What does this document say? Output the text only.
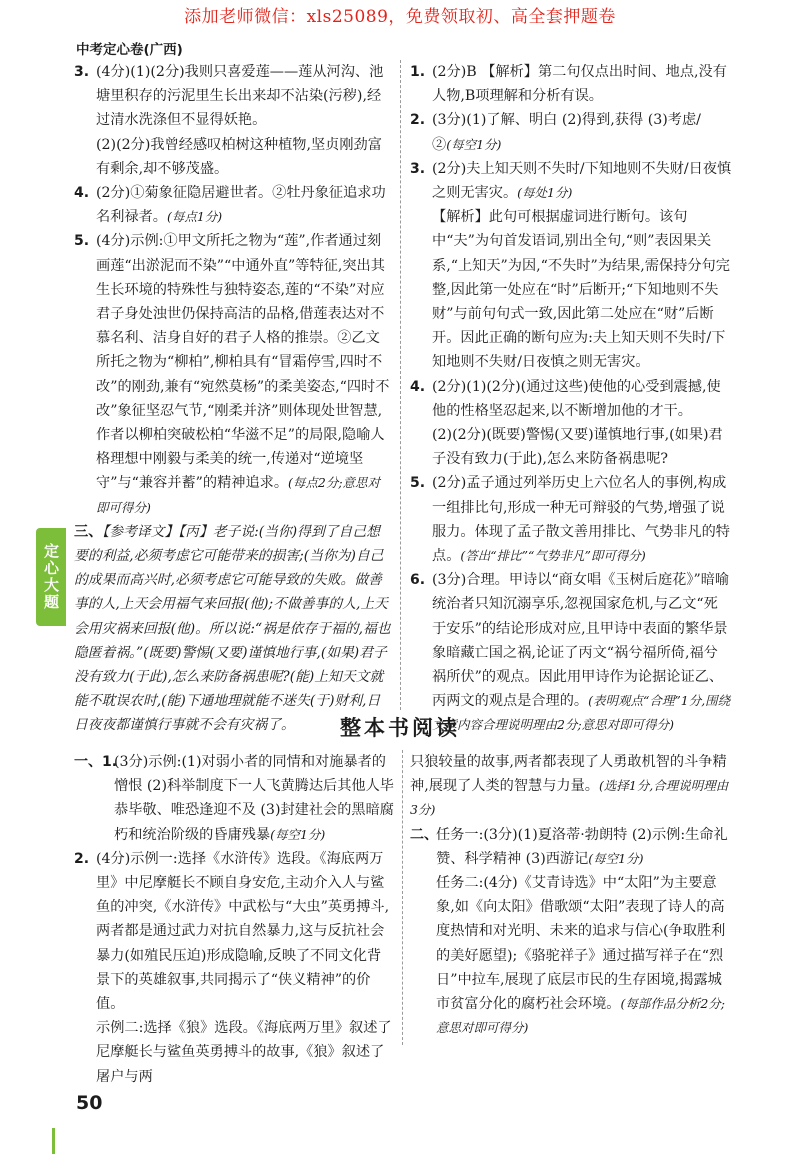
添加老师微信：xls25089，免费领取初、高全套押题卷
中考定心卷(广西)
定心大题
3. (4分)(1)(2分)我则只喜爱莲——莲从河沟、池塘里积存的污泥里生长出来却不沾染(污秽),经过清水洗涤但不显得妖艳。

(2)(2分)我曾经感叹柏树这种植物,坚贞刚劲富有剩余,却不够茂盛。

4. (2分)①菊象征隐居避世者。②牡丹象征追求功名利禄者。(每点1分)

5. (4分)示例:①甲文所托之物为“莲”,作者通过刻画莲“出淤泥而不染”“中通外直”等特征,突出其生长环境的特殊性与独特姿态,莲的“不染”对应君子身处浊世仍保持高洁的品格,借莲表达对不慕名利、洁身自好的君子人格的推崇。②乙文所托之物为“柳柏”,柳柏具有“冒霜停雪,四时不改”的刚劲,兼有“宛然莫杨”的柔美姿态,“四时不改”象征坚忍气节,“刚柔并济”则体现处世智慧,作者以柳柏突破松柏“华滋不足”的局限,隐喻人格理想中刚毅与柔美的统一,传递对“逆境坚守”与“兼容并蓄”的精神追求。(每点2分;意思对即可得分)

三、【参考译文】【丙】老子说:(当你)得到了自己想要的利益,必须考虑它可能带来的损害;(当你为)自己的成果而高兴时,必须考虑它可能导致的失败。做善事的人,上天会用福气来回报(他);不做善事的人,上天会用灾祸来回报(他)。所以说:“祸是依存于福的,福也隐匿着祸。”(既要)警惕(又要)谨慎地行事,(如果)君子没有致力(于此),怎么来防备祸患呢?(能)上知天文就能不耽误农时,(能)下通地理就能不迷失(于)财利,日日夜夜都谨慎行事就不会有灾祸了。

1. (2分)B 【解析】第二句仅点出时间、地点,没有人物,B项理解和分析有误。

2. (3分)(1)了解、明白 (2)得到,获得 (3)考虑/②(每空1分)

3. (2分)夫上知天则不失时/下知地则不失财/日夜慎之则无害灾。(每处1分)

【解析】此句可根据虚词进行断句。该句中“夫”为句首发语词,别出全句,“则”表因果关系,“上知天”为因,“不失时”为结果,需保持分句完整,因此第一处应在“时”后断开;“下知地则不失财”与前句句式一致,因此第二处应在“财”后断开。因此正确的断句应为:夫上知天则不失时/下知地则不失财/日夜慎之则无害灾。

4. (2分)(1)(2分)(通过这些)使他的心受到震撼,使他的性格坚忍起来,以不断增加他的才干。

(2)(2分)(既要)警惕(又要)谨慎地行事,(如果)君子没有致力(于此),怎么来防备祸患呢?

5. (2分)孟子通过列举历史上六位名人的事例,构成一组排比句,形成一种无可辩驳的气势,增强了说服力。体现了孟子散文善用排比、气势非凡的特点。(答出“排比”“气势非凡”即可得分)

6. (3分)合理。甲诗以“商女唱《玉树后庭花》”暗喻统治者只知沉溺享乐,忽视国家危机,与乙文“死于安乐”的结论形成对应,且甲诗中表面的繁华景象暗藏亡国之祸,论证了丙文“祸兮福所倚,福兮祸所伏”的观点。因此用甲诗作为论据论证乙、丙两文的观点是合理的。(表明观点“合理”1分,围绕文章内容合理说明理由2分;意思对即可得分)

整本书阅读
一、1.

(3分)示例:(1)对弱小者的同情和对施暴者的憎恨 (2)科举制度下一人飞黄腾达后其他人毕恭毕敬、唯恐逢迎不及 (3)封建社会的黑暗腐朽和统治阶级的昏庸残暴(每空1分)

2. (4分)示例一:选择《水浒传》选段。《海底两万里》中尼摩艇长不顾自身安危,主动介入人与鲨鱼的冲突,《水浒传》中武松与“大虫”英勇搏斗,两者都是通过武力对抗自然暴力,这与反抗社会暴力(如殖民压迫)形成隐喻,反映了不同文化背景下的英雄叙事,共同揭示了“侠义精神”的价值。

示例二:选择《狼》选段。《海底两万里》叙述了尼摩艇长与鲨鱼英勇搏斗的故事,《狼》叙述了屠户与两

只狼较量的故事,两者都表现了人勇敢机智的斗争精神,展现了人类的智慧与力量。(选择1分,合理说明理由3分)

二、

任务一:(3分)(1)夏洛蒂·勃朗特 (2)示例:生命礼赞、科学精神 (3)西游记(每空1分)

任务二:(4分)《艾青诗选》中“太阳”为主要意象,如《向太阳》借歌颂“太阳”表现了诗人的高度热情和对光明、未来的追求与信心(争取胜利的美好愿望);《骆驼祥子》通过描写祥子在“烈日”中拉车,展现了底层市民的生存困境,揭露城市贫富分化的腐朽社会环境。(每部作品分析2分;意思对即可得分)

50
